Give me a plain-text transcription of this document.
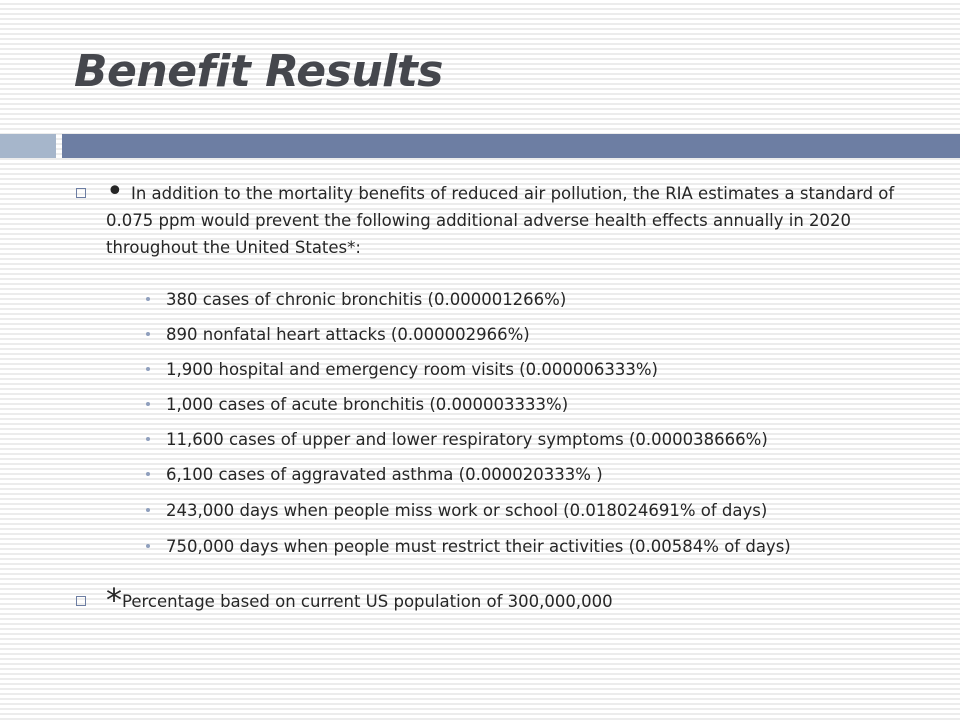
Benefit Results
• In addition to the mortality benefits of reduced air pollution, the RIA estimates a standard of 0.075 ppm would prevent the following additional adverse health effects annually in 2020 throughout the United States*:
380 cases of chronic bronchitis (0.000001266%)
890 nonfatal heart attacks (0.000002966%)
1,900 hospital and emergency room visits (0.000006333%)
1,000 cases of acute bronchitis (0.000003333%)
11,600 cases of upper and lower respiratory symptoms (0.000038666%)
6,100 cases of aggravated asthma (0.000020333% )
243,000 days when people miss work or school (0.018024691% of days)
750,000 days when people must restrict their activities (0.00584% of days)
*Percentage based on current US population of 300,000,000
